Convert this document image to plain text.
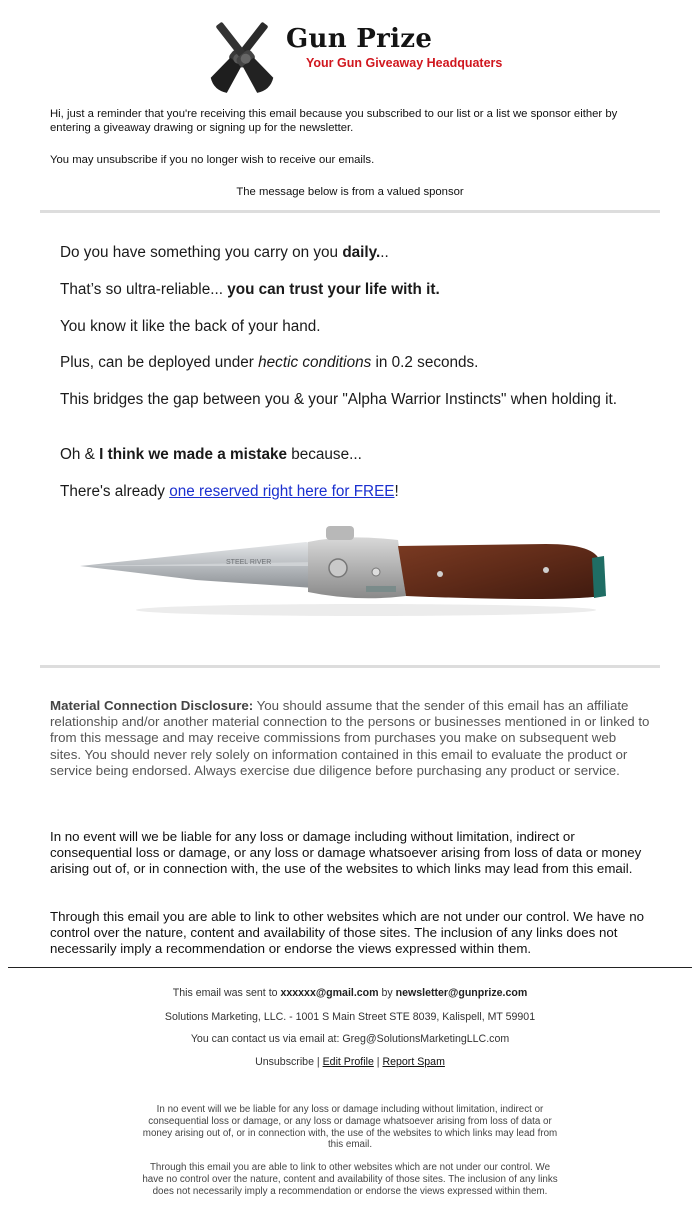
Gun Prize
Your Gun Giveaway Headquaters
Hi, just a reminder that you're receiving this email because you subscribed to our list or a list we sponsor either by entering a giveaway drawing or signing up for the newsletter.
You may unsubscribe if you no longer wish to receive our emails.
The message below is from a valued sponsor
Do you have something you carry on you daily...
That’s so ultra-reliable... you can trust your life with it.
You know it like the back of your hand.
Plus, can be deployed under hectic conditions in 0.2 seconds.
This bridges the gap between you & your "Alpha Warrior Instincts" when holding it.
Oh & I think we made a mistake because...
There's already one reserved right here for FREE!
STEEL RIVER
Material Connection Disclosure: You should assume that the sender of this email has an affiliate relationship and/or another material connection to the persons or businesses mentioned in or linked to from this message and may receive commissions from purchases you make on subsequent web sites. You should never rely solely on information contained in this email to evaluate the product or service being endorsed. Always exercise due diligence before purchasing any product or service.
In no event will we be liable for any loss or damage including without limitation, indirect or consequential loss or damage, or any loss or damage whatsoever arising from loss of data or money arising out of, or in connection with, the use of the websites to which links may lead from this email.
Through this email you are able to link to other websites which are not under our control. We have no control over the nature, content and availability of those sites. The inclusion of any links does not necessarily imply a recommendation or endorse the views expressed within them.
This email was sent to xxxxxx@gmail.com by newsletter@gunprize.com
Solutions Marketing, LLC. - 1001 S Main Street STE 8039, Kalispell, MT 59901
You can contact us via email at: Greg@SolutionsMarketingLLC.com
Unsubscribe | Edit Profile | Report Spam
In no event will we be liable for any loss or damage including without limitation, indirect or consequential loss or damage, or any loss or damage whatsoever arising from loss of data or money arising out of, or in connection with, the use of the websites to which links may lead from this email.
Through this email you are able to link to other websites which are not under our control. We have no control over the nature, content and availability of those sites. The inclusion of any links does not necessarily imply a recommendation or endorse the views expressed within them.
